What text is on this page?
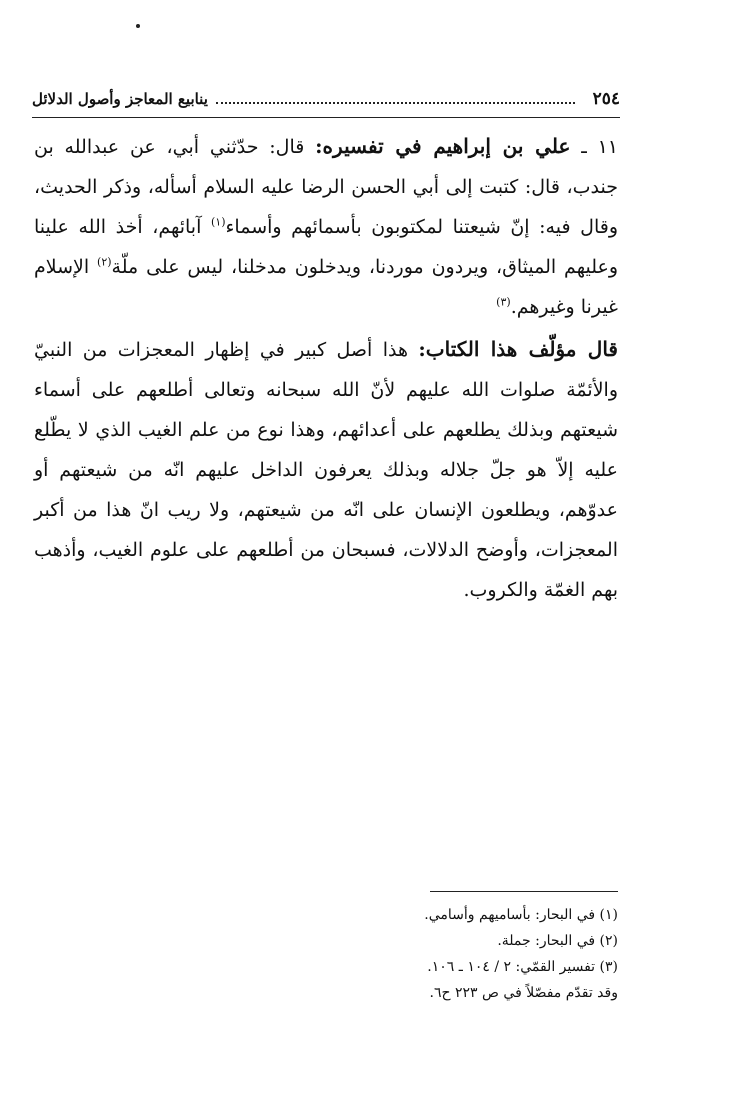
٢٥٤
ينابيع المعاجز وأصول الدلائل

١١ ـ علي بن إبراهيم في تفسيره: قال: حدّثني أبي، عن عبدالله بن جندب، قال: كتبت إلى أبي الحسن الرضا عليه السلام أسأله، وذكر الحديث، وقال فيه: إنّ شيعتنا لمكتوبون بأسمائهم وأسماء$^{(١)}$ آبائهم، أخذ الله علينا وعليهم الميثاق، ويردون موردنا، ويدخلون مدخلنا، ليس على ملّة$^{(٢)}$ الإسلام غيرنا وغيرهم.$^{(٣)}$

قال مؤلّف هذا الكتاب: هذا أصل كبير في إظهار المعجزات من النبيّ والأئمّة صلوات الله عليهم لأنّ الله سبحانه وتعالى أطلعهم على أسماء شيعتهم وبذلك يطلعهم على أعدائهم، وهذا نوع من علم الغيب الذي لا يطّلع عليه إلاّ هو جلّ جلاله وبذلك يعرفون الداخل عليهم انّه من شيعتهم أو عدوّهم، ويطلعون الإنسان على انّه من شيعتهم، ولا ريب انّ هذا من أكبر المعجزات، وأوضح الدلالات، فسبحان من أطلعهم على علوم الغيب، وأذهب بهم الغمّة والكروب.

(١) في البحار: بأساميهم وأسامي.
(٢) في البحار: جملة.
(٣) تفسير القمّي: ٢ / ١٠٤ ـ ١٠٦.
وقد تقدّم مفصّلاً في ص ٢٢٣ ح٦.
